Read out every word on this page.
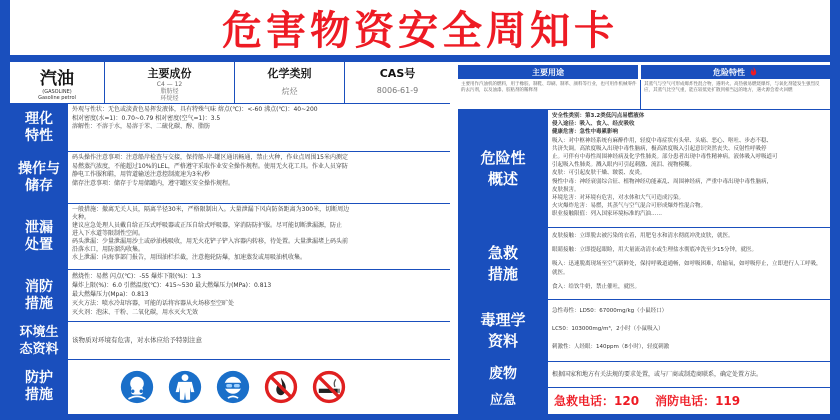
危害物资安全周知卡
汽油
(GASOLINE)
Gasoline petrol
主要成份
C4 — 12
脂肪烃
环烷烃
化学类别
烷烃
CAS号
8006-61-9
理化
特性
外观与性状：无色或淡黄色易挥发液体，具有特殊气味 熔点(℃)：<-60 沸点(℃)：40~200
相对密度(水=1)：0.70~0.79 相对密度(空气=1)：3.5
溶解性：不溶于水，易溶于苯、二硫化碳、醇、脂肪
操作与
储存
码头操作注意事项：注意船岸检查与交接，保持船-岸-罐区通讯畅通，禁止火种，作业点周围15米内测定
易燃蒸汽浓度，不能超过10%的LEL，严格遵守采取作业安全操作规程。使用无火花工具。作业人员穿防
静电工作服和鞋，用管道输送注意控制流速为3米/秒
储存注意事项：储存于专用储罐内，遵守罐区安全操作规程。
泄漏
处置
一般措施：撤离无关人员，隔离半径30米，严格限制出入。大量泄漏下风向防备距离为300米，切断周边
火种。
建议应急处理人员戴自给正压式呼吸器或正压自给式呼吸器，穿消防防护服。尽可能切断泄漏源，防止
进入下水道等限制性空间。
码头泄漏：少量泄漏用沙土或砂油栈吸收，用无火花铲子铲入容器内转移，待处置。大量泄漏堵上码头前
沿落水口，用防溜沟收集。
水上泄漏：向海事部门报告，用围油栏拦截，注意拖轮防爆，加速蒸发或用吸油机收集。
消防
措施
燃烧性：易燃 闪点(℃)：-55 爆炸下限(%)：1.3
爆炸上限(%)：6.0 引燃温度(℃)：415~530 最大燃爆压力(MPa)：0.813
最大燃爆压力(Mpa)：0.813
灭火方法：喷水冷却容器，可能的话将容器从火场移至空旷处
灭火剂：泡沫、干粉、二氧化碳，用水灭火无效
环境生
态资料
该物质对环境有危害，对水体应给予特别注意
防护
措施
主要用途	危险特性
主要用作汽油机的燃料，用于橡胶、制鞋、印刷、制革、颜料等行业，也可用作机械零件的去污剂，以及油漆、胶粘剂的稀释剂
其蒸气与空气可形成爆炸性混合物，遇明火、高热极易燃烧爆炸，与氧化剂能发生强烈反应，其蒸气比空气重，能在较低处扩散到相当远的地方，遇火源会着火回燃
危险性
概述
安全性类别：第3.2类低闪点易燃液体
侵入途径：吸入、食入、经皮吸收
健康危害：急性中毒累影响
吸入：对中枢神经系统有麻醉作用，轻度中毒症状有头晕、头痛、恶心、呕吐、步态不稳、
共济失调。高浓度吸入出现中毒性脑病，极高浓度吸入引起意识突然丧失、反射性呼吸停
止。可伴有中毒性周围神经病及化学性肺炎。部分患者出现中毒性精神病。液体吸入呼吸道可
引起吸入性肺炎。溅入眼内可引起刺激、流泪、视物模糊。
皮肤：可引起皮肤干燥、皲裂、皮炎。
慢性中毒：神经衰弱综合征、植物神经功能紊乱、周围神经病，严重中毒出现中毒性脑病，
皮肤损害。
环境危害：对环境有危害，对水体和大气可造成污染。
火灾爆炸危害：易燃，其蒸气与空气混合可形成爆炸性混合物。
职业接触限值：列入国家环境标准的汽油……
急救
措施
皮肤接触：立即脱去被污染的衣着，用肥皂水和清水彻底冲洗皮肤，就医。
眼睛接触：立即提起眼睑，用大量流动清水或生理盐水彻底冲洗至少15分钟，就医。
吸入：迅速脱离现场至空气新鲜处，保持呼吸道通畅，如呼吸困难，给输氧，如呼吸停止，立即进行人工呼吸，就医。
食入：给饮牛奶，禁止催吐，就医。
毒理学
资料
急性毒性：LD50：67000mg/kg（小鼠经口）
LC50：103000mg/m³，2小时（小鼠吸入）
刺激性：人经眼：140ppm（8小时），轻度刺激
废物	根据国家和地方有关法规的要求处置，或与厂商或制造商联系，确定处置方法。
应急	急救电话：120 消防电话：119
